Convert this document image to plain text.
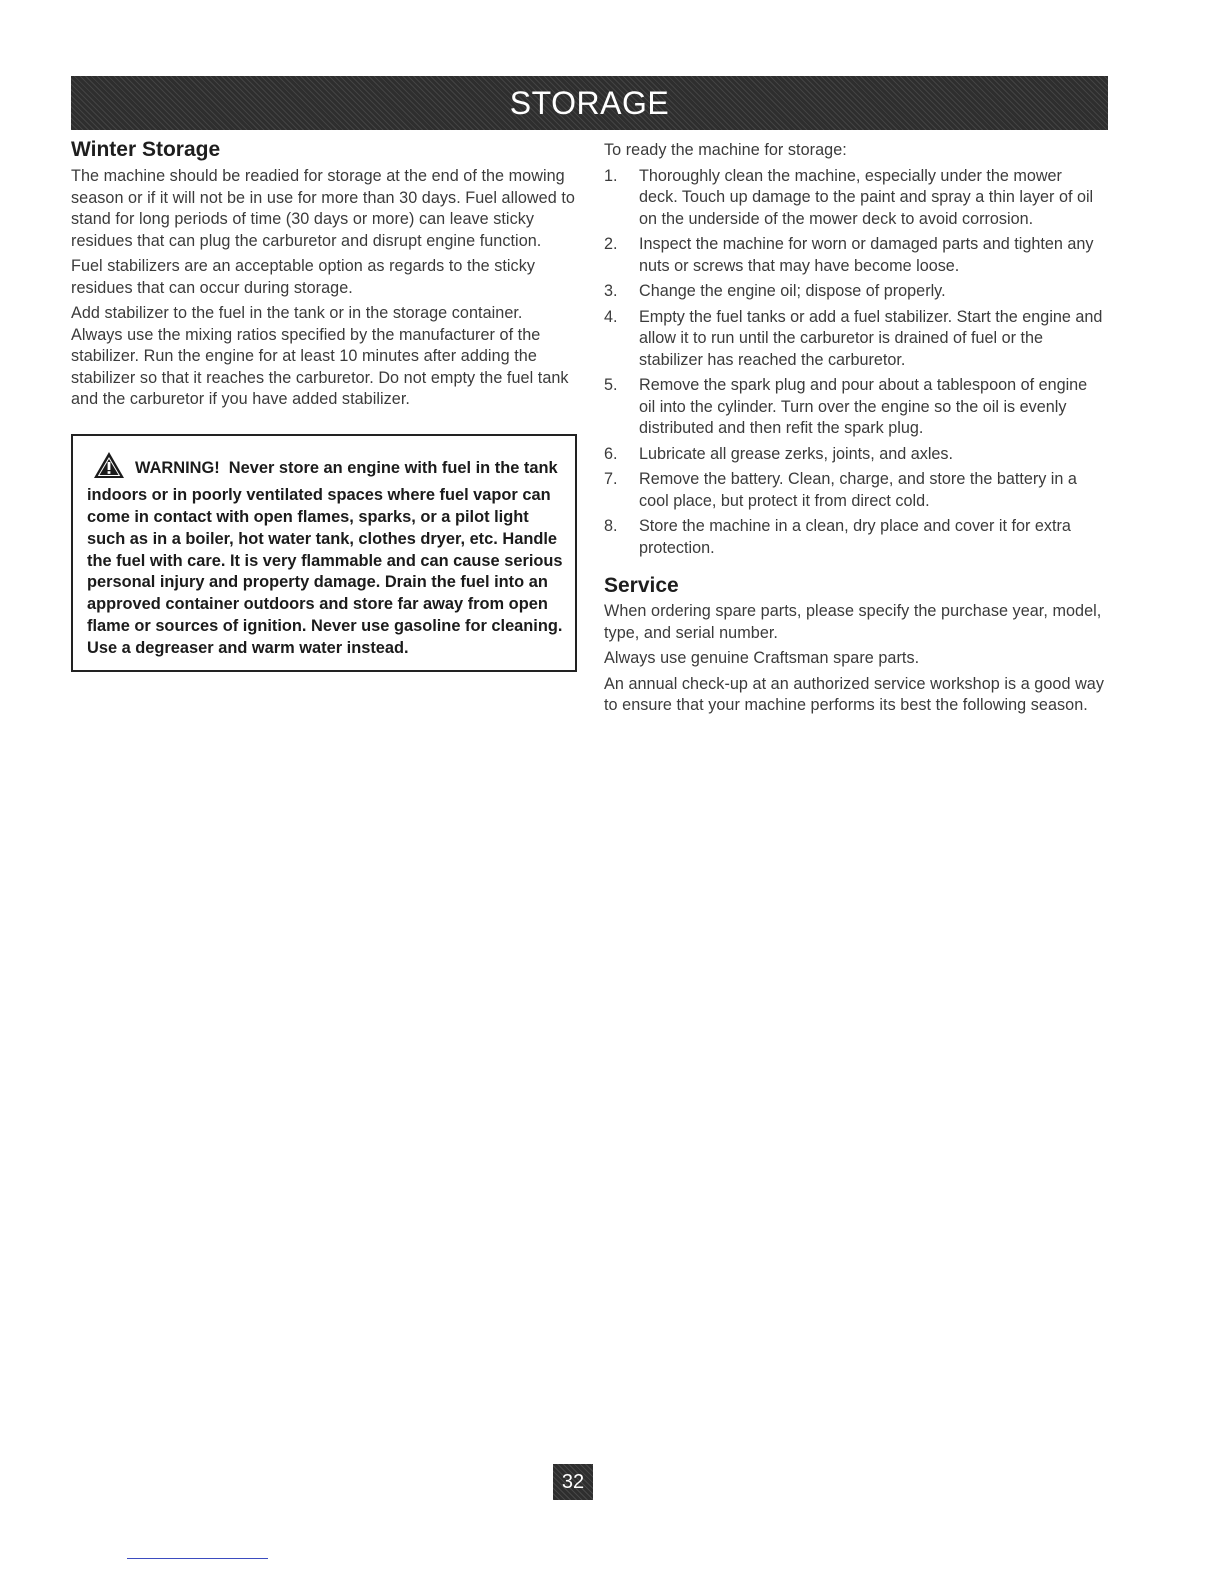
STORAGE
Winter Storage

The machine should be readied for storage at the end of the mowing season or if it will not be in use for more than 30 days. Fuel allowed to stand for long periods of time (30 days or more) can leave sticky residues that can plug the carburetor and disrupt engine function.

Fuel stabilizers are an acceptable option as regards to the sticky residues that can occur during storage.

Add stabilizer to the fuel in the tank or in the storage container. Always use the mixing ratios specified by the manufacturer of the stabilizer. Run the engine for at least 10 minutes after adding the stabilizer so that it reaches the carburetor. Do not empty the fuel tank and the carburetor if you have added stabilizer.

WARNING! Never store an engine with fuel in the tank indoors or in poorly ventilated spaces where fuel vapor can come in contact with open flames, sparks, or a pilot light such as in a boiler, hot water tank, clothes dryer, etc. Handle the fuel with care. It is very flammable and can cause serious personal injury and property damage. Drain the fuel into an approved container outdoors and store far away from open flame or sources of ignition. Never use gasoline for cleaning. Use a degreaser and warm water instead.

To ready the machine for storage:

1.	Thoroughly clean the machine, especially under the mower deck. Touch up damage to the paint and spray a thin layer of oil on the underside of the mower deck to avoid corrosion.
2.	Inspect the machine for worn or damaged parts and tighten any nuts or screws that may have become loose.
3.	Change the engine oil; dispose of properly.
4.	Empty the fuel tanks or add a fuel stabilizer. Start the engine and allow it to run until the carburetor is drained of fuel or the stabilizer has reached the carburetor.
5.	Remove the spark plug and pour about a tablespoon of engine oil into the cylinder. Turn over the engine so the oil is evenly distributed and then refit the spark plug.
6.	Lubricate all grease zerks, joints, and axles.
7.	Remove the battery. Clean, charge, and store the battery in a cool place, but protect it from direct cold.
8.	Store the machine in a clean, dry place and cover it for extra protection.
Service

When ordering spare parts, please specify the purchase year, model, type, and serial number.

Always use genuine Craftsman spare parts.

An annual check-up at an authorized service workshop is a good way to ensure that your machine performs its best the following season.

32
